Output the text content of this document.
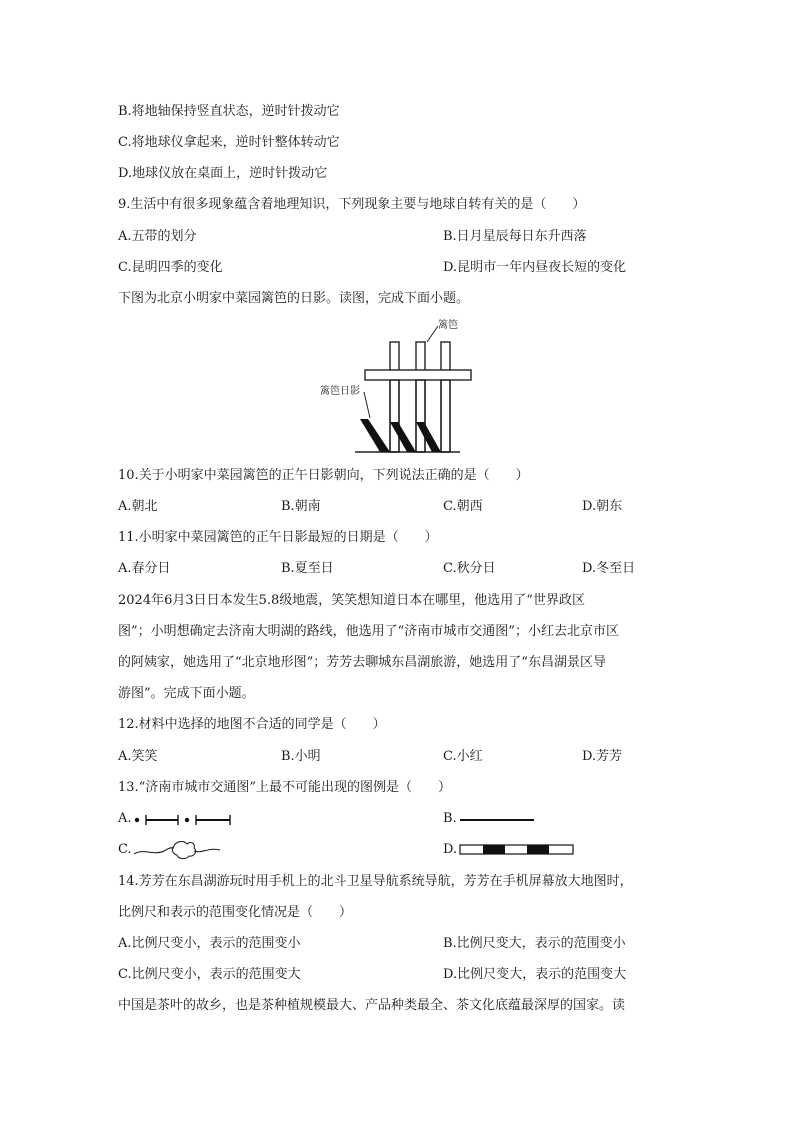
B.将地轴保持竖直状态，逆时针拨动它
C.将地球仪拿起来，逆时针整体转动它
D.地球仪放在桌面上，逆时针拨动它
9.生活中有很多现象蕴含着地理知识，下列现象主要与地球自转有关的是（　　）
A.五带的划分	B.日月星辰每日东升西落
C.昆明四季的变化	D.昆明市一年内昼夜长短的变化
下图为北京小明家中菜园篱笆的日影。读图，完成下面小题。
篱笆
篱笆日影
10.关于小明家中菜园篱笆的正午日影朝向，下列说法正确的是（　　）
A.朝北	B.朝南	C.朝西	D.朝东
11.小明家中菜园篱笆的正午日影最短的日期是（　　）
A.春分日	B.夏至日	C.秋分日	D.冬至日
2024年6月3日日本发生5.8级地震，笑笑想知道日本在哪里，他选用了“世界政区
图”；小明想确定去济南大明湖的路线，他选用了“济南市城市交通图”；小红去北京市区
的阿姨家，她选用了“北京地形图”；芳芳去聊城东昌湖旅游，她选用了“东昌湖景区导
游图”。完成下面小题。
12.材料中选择的地图不合适的同学是（　　）
A.笑笑	B.小明	C.小红	D.芳芳
13.“济南市城市交通图”上最不可能出现的图例是（　　）
A.	B.
C.	D.
14.芳芳在东昌湖游玩时用手机上的北斗卫星导航系统导航，芳芳在手机屏幕放大地图时，
比例尺和表示的范围变化情况是（　　）
A.比例尺变小，表示的范围变小	B.比例尺变大，表示的范围变小
C.比例尺变小，表示的范围变大	D.比例尺变大，表示的范围变大
中国是茶叶的故乡，也是茶种植规模最大、产品种类最全、茶文化底蕴最深厚的国家。读
